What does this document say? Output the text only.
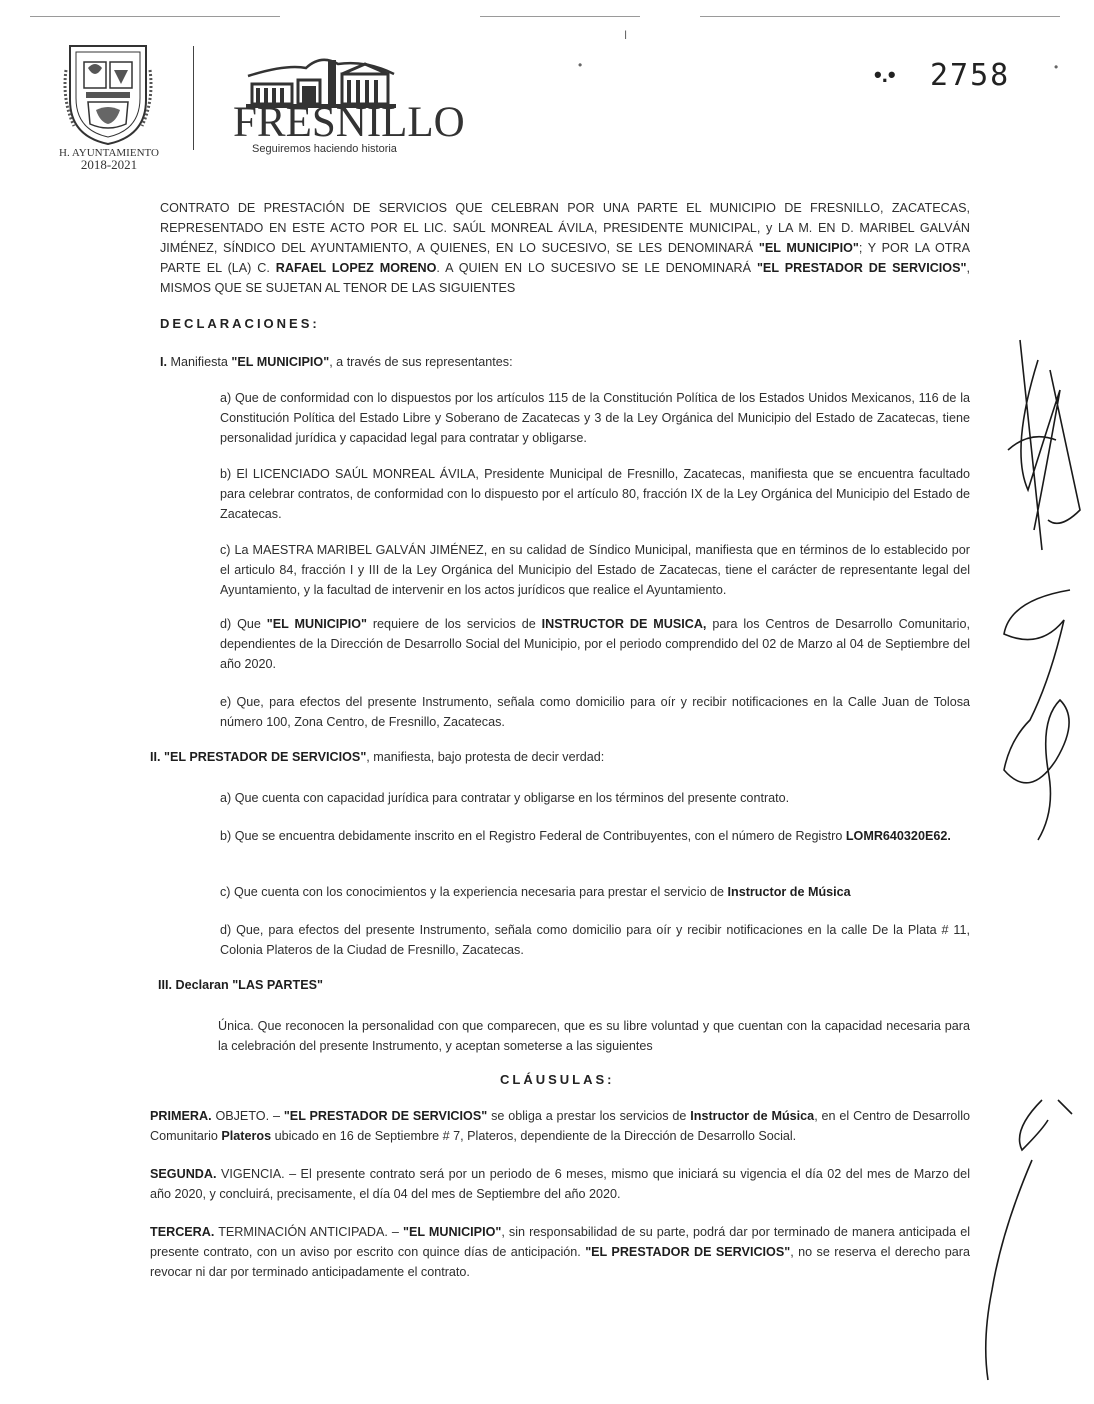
•	•
ǀ
H. AYUNTAMIENTO
2018-2021
FRESNILLO
Seguiremos haciendo historia
•.• 2758
CONTRATO DE PRESTACIÓN DE SERVICIOS QUE CELEBRAN POR UNA PARTE EL MUNICIPIO DE FRESNILLO, ZACATECAS, REPRESENTADO EN ESTE ACTO POR EL LIC. SAÚL MONREAL ÁVILA, PRESIDENTE MUNICIPAL, y LA M. EN D. MARIBEL GALVÁN JIMÉNEZ, SÍNDICO DEL AYUNTAMIENTO, A QUIENES, EN LO SUCESIVO, SE LES DENOMINARÁ "EL MUNICIPIO"; Y POR LA OTRA PARTE EL (LA) C. RAFAEL LOPEZ MORENO. A QUIEN EN LO SUCESIVO SE LE DENOMINARÁ "EL PRESTADOR DE SERVICIOS", MISMOS QUE SE SUJETAN AL TENOR DE LAS SIGUIENTES
DECLARACIONES:
I. Manifiesta "EL MUNICIPIO", a través de sus representantes:
a) Que de conformidad con lo dispuestos por los artículos 115 de la Constitución Política de los Estados Unidos Mexicanos, 116 de la Constitución Política del Estado Libre y Soberano de Zacatecas y 3 de la Ley Orgánica del Municipio del Estado de Zacatecas, tiene personalidad jurídica y capacidad legal para contratar y obligarse.
b) El LICENCIADO SAÚL MONREAL ÁVILA, Presidente Municipal de Fresnillo, Zacatecas, manifiesta que se encuentra facultado para celebrar contratos, de conformidad con lo dispuesto por el artículo 80, fracción IX de la Ley Orgánica del Municipio del Estado de Zacatecas.
c) La MAESTRA MARIBEL GALVÁN JIMÉNEZ, en su calidad de Síndico Municipal, manifiesta que en términos de lo establecido por el articulo 84, fracción I y III de la Ley Orgánica del Municipio del Estado de Zacatecas, tiene el carácter de representante legal del Ayuntamiento, y la facultad de intervenir en los actos jurídicos que realice el Ayuntamiento.
d) Que "EL MUNICIPIO" requiere de los servicios de INSTRUCTOR DE MUSICA, para los Centros de Desarrollo Comunitario, dependientes de la Dirección de Desarrollo Social del Municipio, por el periodo comprendido del 02 de Marzo al 04 de Septiembre del año 2020.
e) Que, para efectos del presente Instrumento, señala como domicilio para oír y recibir notificaciones en la Calle Juan de Tolosa número 100, Zona Centro, de Fresnillo, Zacatecas.
II. "EL PRESTADOR DE SERVICIOS", manifiesta, bajo protesta de decir verdad:
a) Que cuenta con capacidad jurídica para contratar y obligarse en los términos del presente contrato.
b) Que se encuentra debidamente inscrito en el Registro Federal de Contribuyentes, con el número de Registro LOMR640320E62.
c) Que cuenta con los conocimientos y la experiencia necesaria para prestar el servicio de Instructor de Música
d) Que, para efectos del presente Instrumento, señala como domicilio para oír y recibir notificaciones en la calle De la Plata # 11, Colonia Plateros de la Ciudad de Fresnillo, Zacatecas.
III. Declaran "LAS PARTES"
Única. Que reconocen la personalidad con que comparecen, que es su libre voluntad y que cuentan con la capacidad necesaria para la celebración del presente Instrumento, y aceptan someterse a las siguientes
CLÁUSULAS:
PRIMERA. OBJETO. – "EL PRESTADOR DE SERVICIOS" se obliga a prestar los servicios de Instructor de Música, en el Centro de Desarrollo Comunitario Plateros ubicado en 16 de Septiembre # 7, Plateros, dependiente de la Dirección de Desarrollo Social.
SEGUNDA. VIGENCIA. – El presente contrato será por un periodo de 6 meses, mismo que iniciará su vigencia el día 02 del mes de Marzo del año 2020, y concluirá, precisamente, el día 04 del mes de Septiembre del año 2020.
TERCERA. TERMINACIÓN ANTICIPADA. – "EL MUNICIPIO", sin responsabilidad de su parte, podrá dar por terminado de manera anticipada el presente contrato, con un aviso por escrito con quince días de anticipación. "EL PRESTADOR DE SERVICIOS", no se reserva el derecho para revocar ni dar por terminado anticipadamente el contrato.
